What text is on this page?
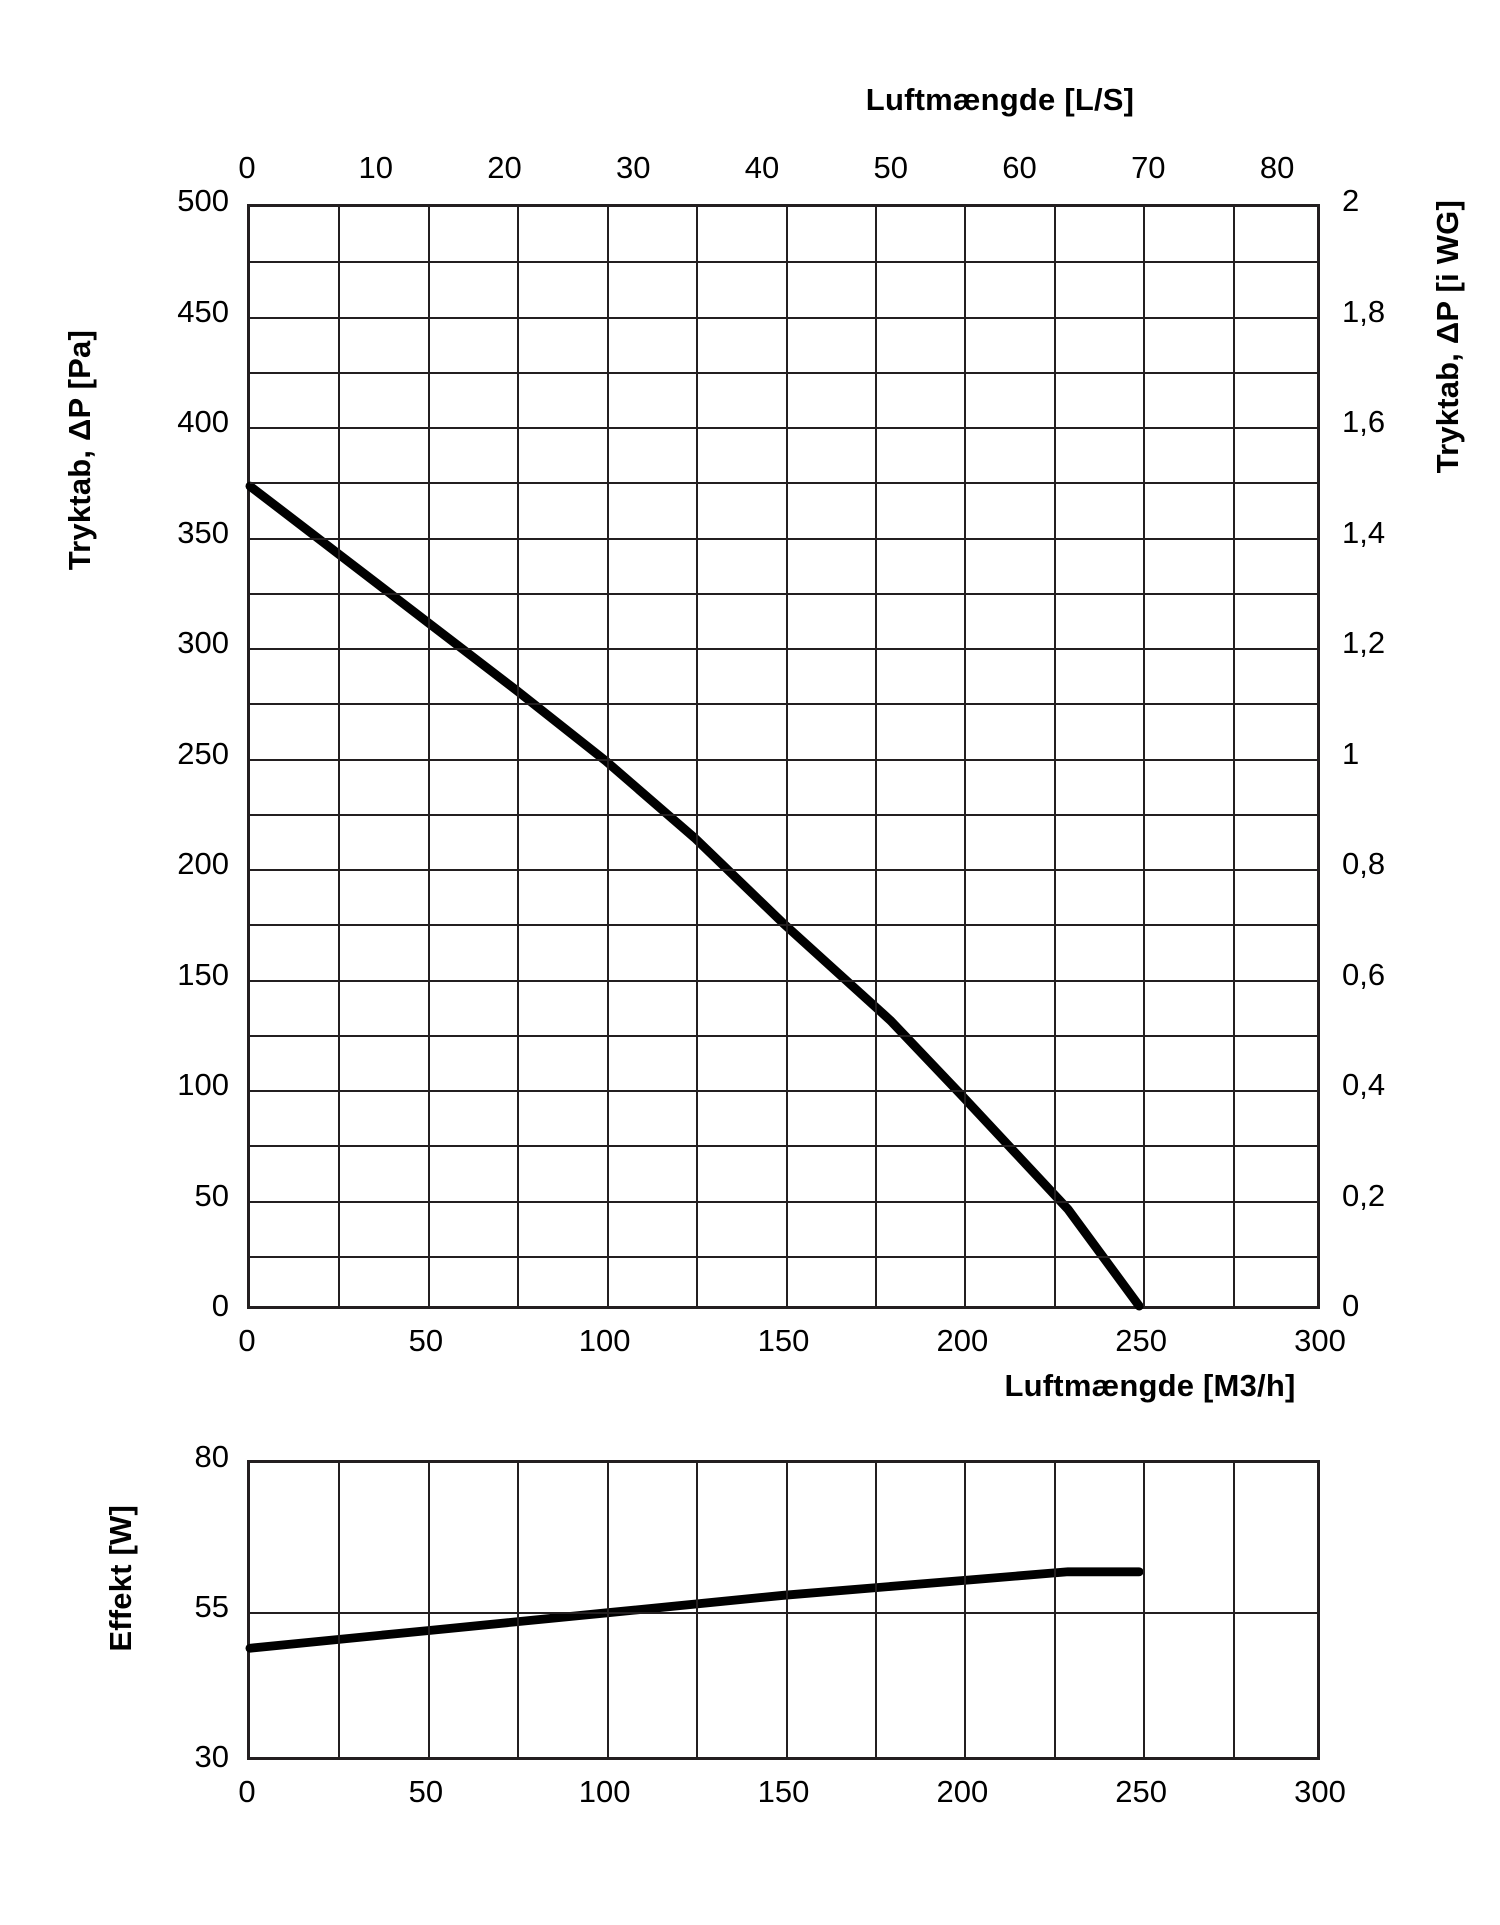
Luftmængde [L/S]
Tryktab, ΔP [Pa]	Tryktab, ΔP [i WG]
Luftmængde [M3/h]
0	10	20	30	40	50	60	70	80
0
50
100
150
200
250
300
350
400
450
500
0
0,2
0,4
0,6
0,8
1
1,2
1,4
1,6
1,8
2
0	50	100	150	200	250	300
Effekt [W]
30
55
80
0	50	100	150	200	250	300
